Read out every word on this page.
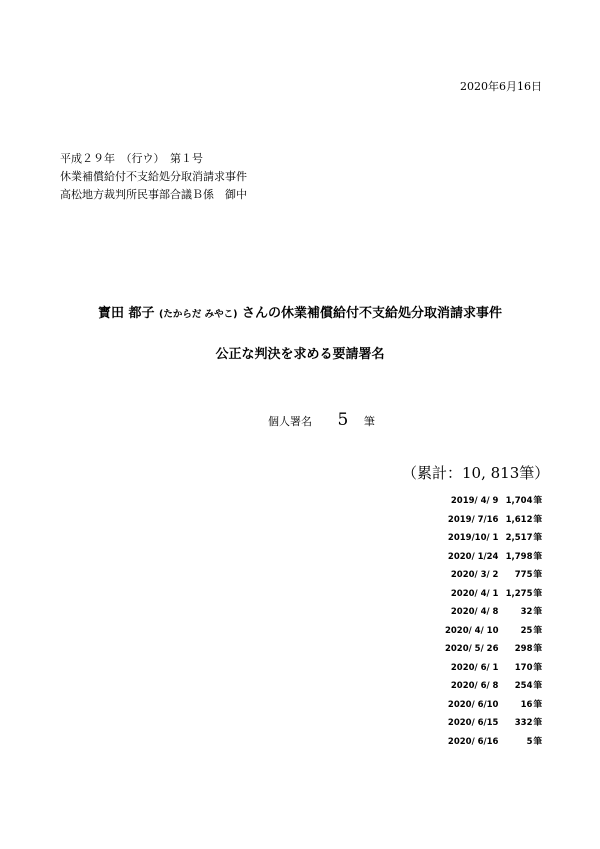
2020年6月16日
平成２９年　（行ウ）　第１号
休業補償給付不支給処分取消請求事件
高松地方裁判所民事部合議Ｂ係　御中
寳田 都子 (たからだ みやこ) さんの休業補償給付不支給処分取消請求事件
公正な判決を求める要請署名
個人署名 5 筆
（累計：10, 813筆）
2019/ 4/ 9 1,704 筆
2019/ 7/16 1,612 筆
2019/10/ 1 2,517 筆
2020/ 1/24 1,798 筆
2020/ 3/ 2	775 筆
2020/ 4/ 1 1,275 筆
2020/ 4/ 8	32 筆
2020/ 4/ 10	25 筆
2020/ 5/ 26	298 筆
2020/ 6/ 1	170 筆
2020/ 6/ 8	254 筆
2020/ 6/10	16 筆
2020/ 6/15	332 筆
2020/ 6/16	5 筆
